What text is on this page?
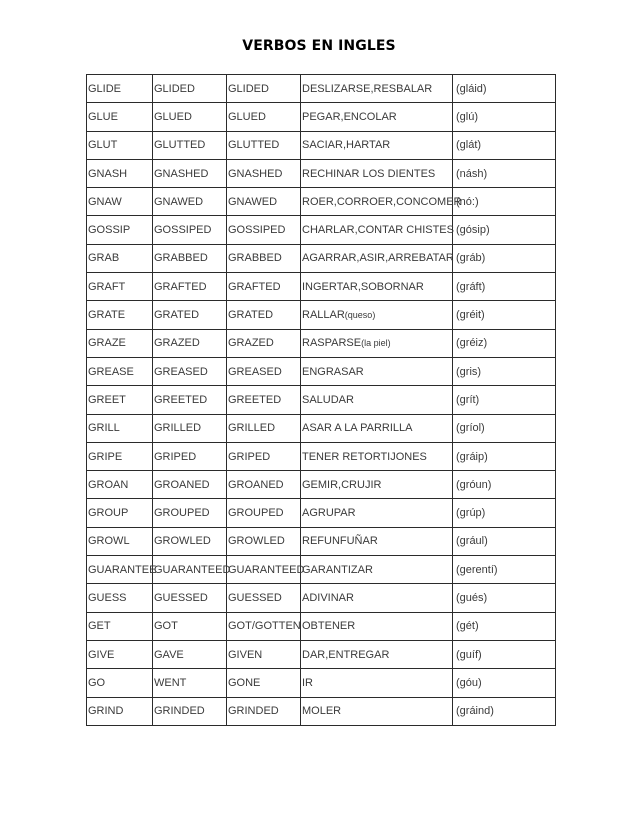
VERBOS EN INGLES
GLIDE	GLIDED	GLIDED	DESLIZARSE,RESBALAR	(gláid)
GLUE	GLUED	GLUED	PEGAR,ENCOLAR	(glú)
GLUT	GLUTTED	GLUTTED	SACIAR,HARTAR	(glát)
GNASH	GNASHED	GNASHED	RECHINAR LOS DIENTES	(násh)
GNAW	GNAWED	GNAWED	ROER,CORROER,CONCOMER	(nó:)
GOSSIP	GOSSIPED	GOSSIPED	CHARLAR,CONTAR CHISTES	(gósip)
GRAB	GRABBED	GRABBED	AGARRAR,ASIR,ARREBATAR	(gráb)
GRAFT	GRAFTED	GRAFTED	INGERTAR,SOBORNAR	(gráft)
GRATE	GRATED	GRATED	RALLAR(queso)	(gréit)
GRAZE	GRAZED	GRAZED	RASPARSE(la piel)	(gréiz)
GREASE	GREASED	GREASED	ENGRASAR	(gris)
GREET	GREETED	GREETED	SALUDAR	(grít)
GRILL	GRILLED	GRILLED	ASAR A LA PARRILLA	(gríol)
GRIPE	GRIPED	GRIPED	TENER RETORTIJONES	(gráip)
GROAN	GROANED	GROANED	GEMIR,CRUJIR	(gróun)
GROUP	GROUPED	GROUPED	AGRUPAR	(grúp)
GROWL	GROWLED	GROWLED	REFUNFUÑAR	(grául)
GUARANTEE	GUARANTEED	GUARANTEED	GARANTIZAR	(gerentí)
GUESS	GUESSED	GUESSED	ADIVINAR	(gués)
GET	GOT	GOT/GOTTEN	OBTENER	(gét)
GIVE	GAVE	GIVEN	DAR,ENTREGAR	(guíf)
GO	WENT	GONE	IR	(góu)
GRIND	GRINDED	GRINDED	MOLER	(gráind)
